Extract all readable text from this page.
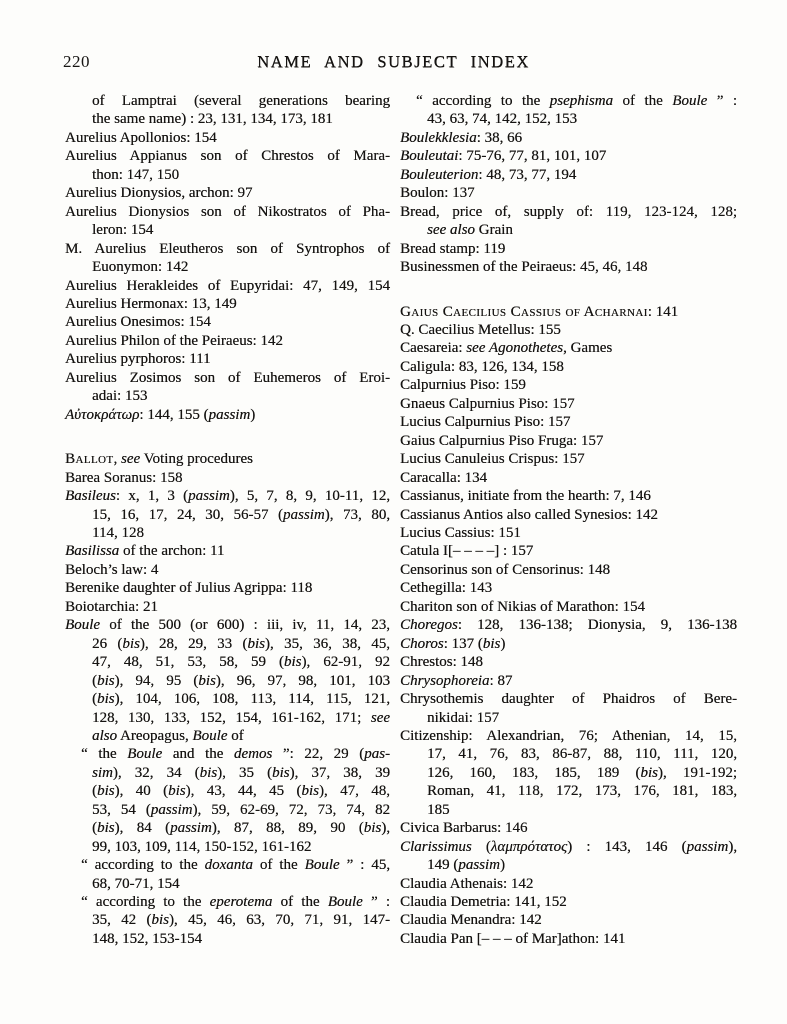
220	NAME AND SUBJECT INDEX
of Lamptrai (several generations bearing
the same name) : 23, 131, 134, 173, 181
Aurelius Apollonios: 154
Aurelius Appianus son of Chrestos of Mara-
thon: 147, 150
Aurelius Dionysios, archon: 97
Aurelius Dionysios son of Nikostratos of Pha-
leron: 154
M. Aurelius Eleutheros son of Syntrophos of
Euonymon: 142
Aurelius Herakleides of Eupyridai: 47, 149, 154
Aurelius Hermonax: 13, 149
Aurelius Onesimos: 154
Aurelius Philon of the Peiraeus: 142
Aurelius pyrphoros: 111
Aurelius Zosimos son of Euhemeros of Eroi-
adai: 153
Αὐτοκράτωρ: 144, 155 (passim)
Ballot, see Voting procedures
Barea Soranus: 158
Basileus: x, 1, 3 (passim), 5, 7, 8, 9, 10-11, 12,
15, 16, 17, 24, 30, 56-57 (passim), 73, 80,
114, 128
Basilissa of the archon: 11
Beloch’s law: 4
Berenike daughter of Julius Agrippa: 118
Boiotarchia: 21
Boule of the 500 (or 600) : iii, iv, 11, 14, 23,
26 (bis), 28, 29, 33 (bis), 35, 36, 38, 45,
47, 48, 51, 53, 58, 59 (bis), 62-91, 92
(bis), 94, 95 (bis), 96, 97, 98, 101, 103
(bis), 104, 106, 108, 113, 114, 115, 121,
128, 130, 133, 152, 154, 161-162, 171; see
also Areopagus, Boule of
“ the Boule and the demos ”: 22, 29 (pas-
sim), 32, 34 (bis), 35 (bis), 37, 38, 39
(bis), 40 (bis), 43, 44, 45 (bis), 47, 48,
53, 54 (passim), 59, 62-69, 72, 73, 74, 82
(bis), 84 (passim), 87, 88, 89, 90 (bis),
99, 103, 109, 114, 150-152, 161-162
“ according to the doxanta of the Boule ” : 45,
68, 70-71, 154
“ according to the eperotema of the Boule ” :
35, 42 (bis), 45, 46, 63, 70, 71, 91, 147-
148, 152, 153-154
“ according to the psephisma of the Boule ” :
43, 63, 74, 142, 152, 153
Boulekklesia: 38, 66
Bouleutai: 75-76, 77, 81, 101, 107
Bouleuterion: 48, 73, 77, 194
Boulon: 137
Bread, price of, supply of: 119, 123-124, 128;
see also Grain
Bread stamp: 119
Businessmen of the Peiraeus: 45, 46, 148
Gaius Caecilius Cassius of Acharnai: 141
Q. Caecilius Metellus: 155
Caesareia: see Agonothetes, Games
Caligula: 83, 126, 134, 158
Calpurnius Piso: 159
Gnaeus Calpurnius Piso: 157
Lucius Calpurnius Piso: 157
Gaius Calpurnius Piso Fruga: 157
Lucius Canuleius Crispus: 157
Caracalla: 134
Cassianus, initiate from the hearth: 7, 146
Cassianus Antios also called Synesios: 142
Lucius Cassius: 151
Catula I[– – – –] : 157
Censorinus son of Censorinus: 148
Cethegilla: 143
Chariton son of Nikias of Marathon: 154
Choregos: 128, 136-138; Dionysia, 9, 136-138
Choros: 137 (bis)
Chrestos: 148
Chrysophoreia: 87
Chrysothemis daughter of Phaidros of Bere-
nikidai: 157
Citizenship: Alexandrian, 76; Athenian, 14, 15,
17, 41, 76, 83, 86-87, 88, 110, 111, 120,
126, 160, 183, 185, 189 (bis), 191-192;
Roman, 41, 118, 172, 173, 176, 181, 183,
185
Civica Barbarus: 146
Clarissimus (λαμπρότατος) : 143, 146 (passim),
149 (passim)
Claudia Athenais: 142
Claudia Demetria: 141, 152
Claudia Menandra: 142
Claudia Pan [– – – of Mar]athon: 141
